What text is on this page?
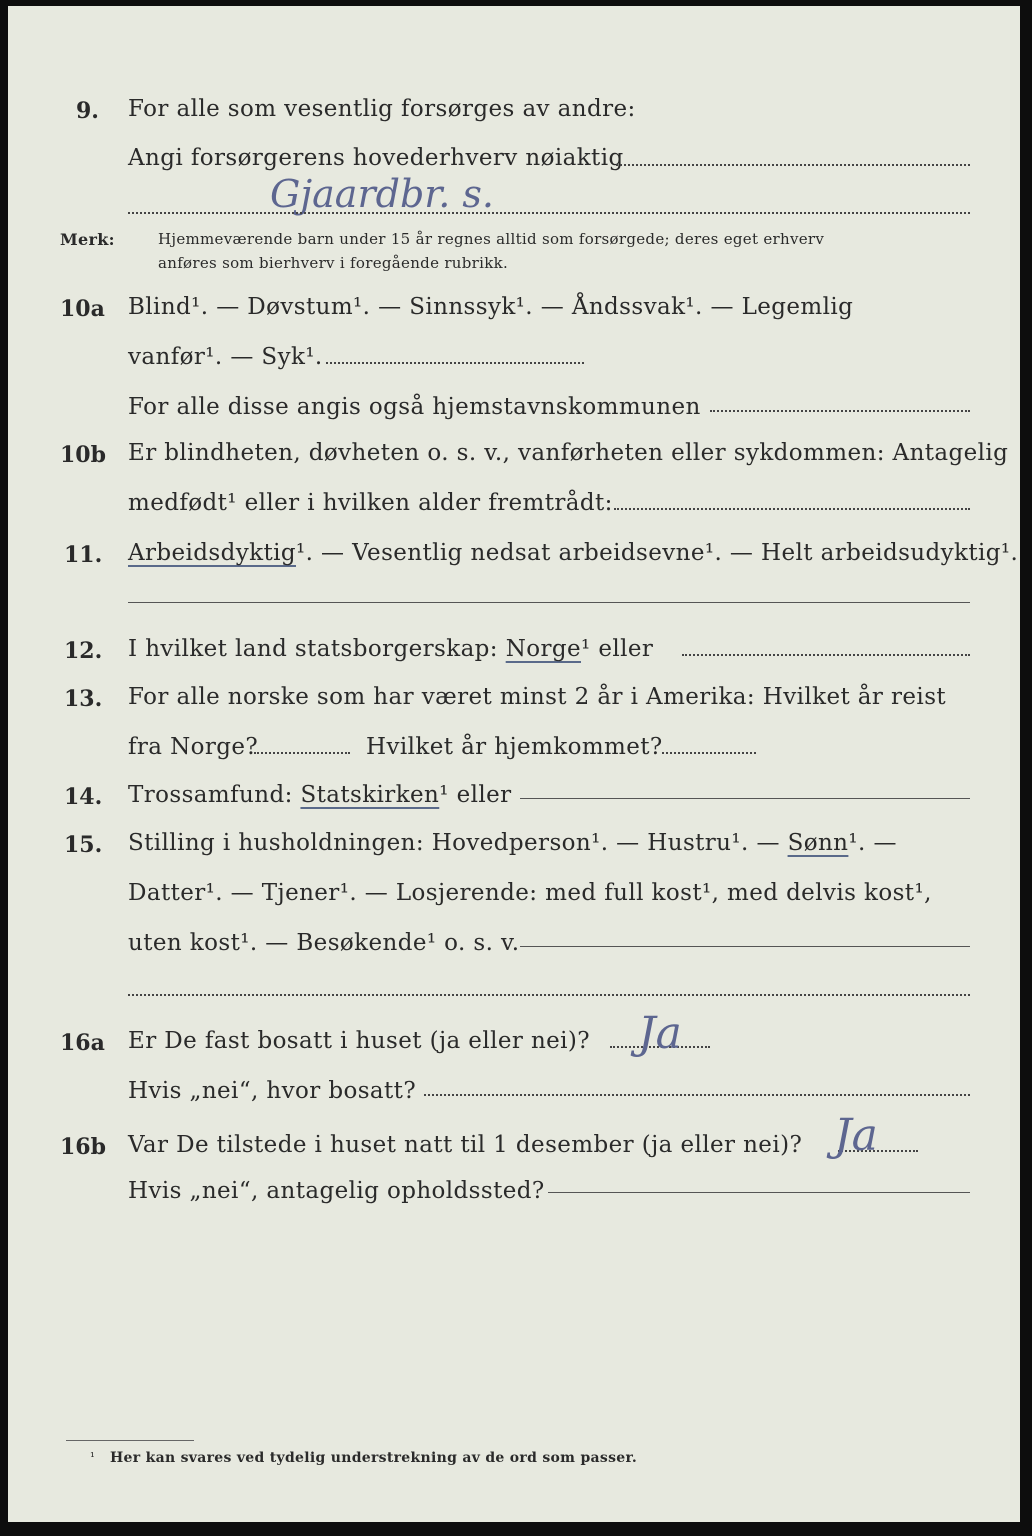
9. For alle som vesentlig forsørges av andre:
Angi forsørgerens hovederhverv nøiaktig
Gjaardbr. s.
Merk:	Hjemmeværende barn under 15 år regnes alltid som forsørgede; deres eget erhverv
anføres som bierhverv i foregående rubrikk.
10a Blind¹. — Døvstum¹. — Sinnssyk¹. — Åndssvak¹. — Legemlig
vanfør¹. — Syk¹.
For alle disse angis også hjemstavnskommunen
10b Er blindheten, døvheten o. s. v., vanførheten eller sykdommen: Antagelig
medfødt¹ eller i hvilken alder fremtrådt:
11. Arbeidsdyktig¹. — Vesentlig nedsat arbeidsevne¹. — Helt arbeidsudyktig¹.
12. I hvilket land statsborgerskap: Norge¹ eller
13. For alle norske som har været minst 2 år i Amerika: Hvilket år reist
fra Norge?	Hvilket år hjemkommet?
14. Trossamfund: Statskirken¹ eller
15. Stilling i husholdningen: Hovedperson¹. — Hustru¹. — Sønn¹. —
Datter¹. — Tjener¹. — Losjerende: med full kost¹, med delvis kost¹,
uten kost¹. — Besøkende¹ o. s. v.
16a Er De fast bosatt i huset (ja eller nei)? Ja
Hvis „nei“, hvor bosatt?
16b Var De tilstede i huset natt til 1 desember (ja eller nei)? Ja
Hvis „nei“, antagelig opholdssted?
¹ Her kan svares ved tydelig understrekning av de ord som passer.
